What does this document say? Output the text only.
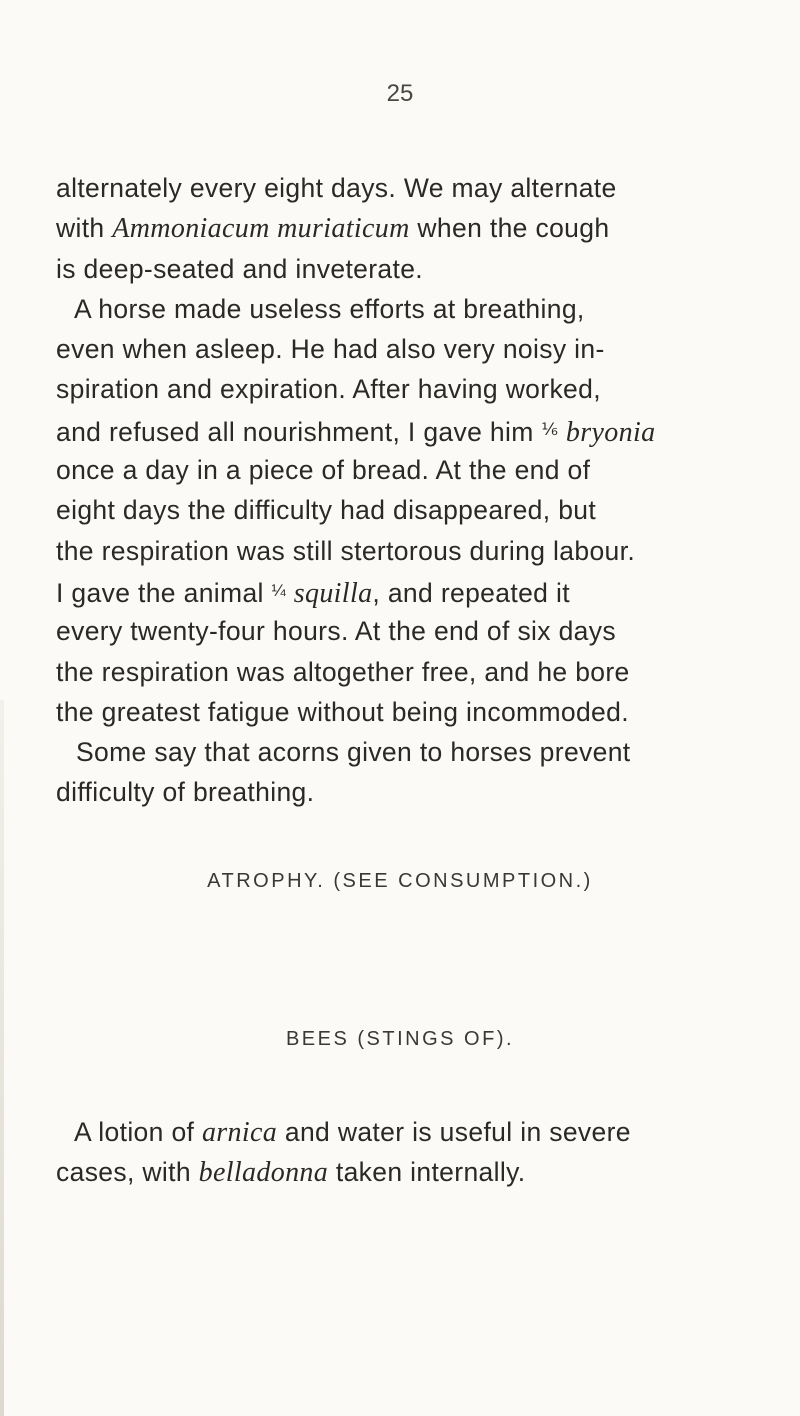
25
alternately every eight days. We may alternate
with Ammoniacum muriaticum when the cough
is deep-seated and inveterate.
A horse made useless efforts at breathing,
even when asleep. He had also very noisy in-
spiration and expiration. After having worked,
and refused all nourishment, I gave him $^{\frac{1}{6}}$ bryonia
once a day in a piece of bread. At the end of
eight days the difficulty had disappeared, but
the respiration was still stertorous during labour.
I gave the animal $^{\frac{1}{4}}$ squilla, and repeated it
every twenty-four hours. At the end of six days
the respiration was altogether free, and he bore
the greatest fatigue without being incommoded.
Some say that acorns given to horses prevent
difficulty of breathing.
ATROPHY. (SEE CONSUMPTION.)
BEES (STINGS OF).
A lotion of arnica and water is useful in severe
cases, with belladonna taken internally.
